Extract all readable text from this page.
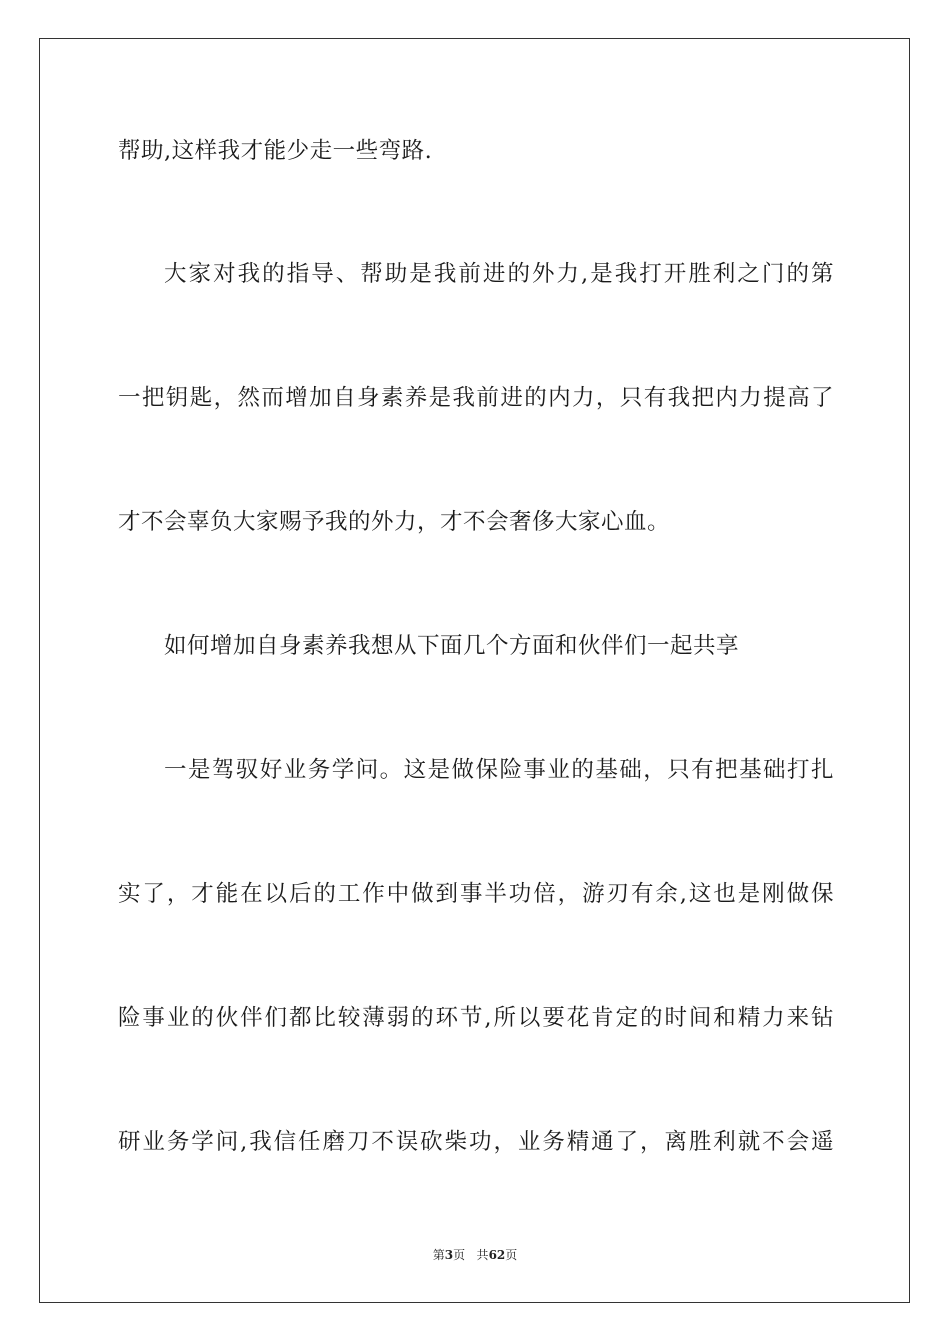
帮助,这样我才能少走一些弯路.
大家对我的指导、帮助是我前进的外力,是我打开胜利之门的第
一把钥匙，然而增加自身素养是我前进的内力，只有我把内力提高了
才不会辜负大家赐予我的外力，才不会奢侈大家心血。
如何增加自身素养我想从下面几个方面和伙伴们一起共享
一是驾驭好业务学问。这是做保险事业的基础，只有把基础打扎
实了，才能在以后的工作中做到事半功倍，游刃有余,这也是刚做保
险事业的伙伴们都比较薄弱的环节,所以要花肯定的时间和精力来钻
研业务学问,我信任磨刀不误砍柴功，业务精通了，离胜利就不会遥
第3页 共62页
